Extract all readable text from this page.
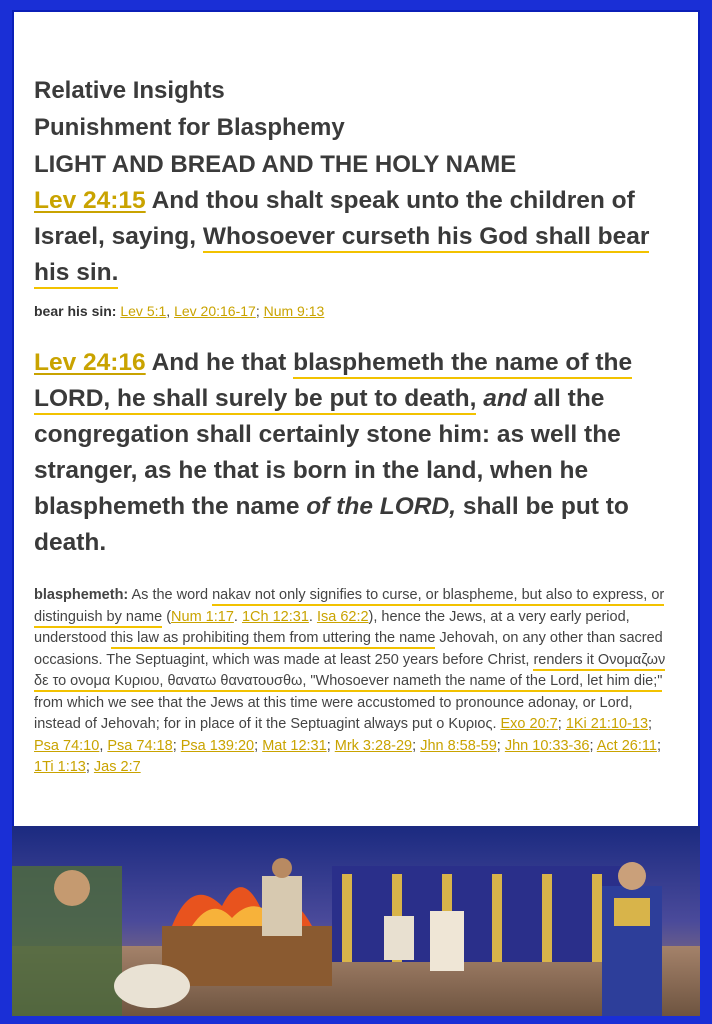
Relative Insights

Punishment for Blasphemy

LIGHT AND BREAD AND THE HOLY NAME

Lev 24:15 And thou shalt speak unto the children of Israel, saying, Whosoever curseth his God shall bear his sin.

bear his sin: Lev 5:1, Lev 20:16-17; Num 9:13

Lev 24:16 And he that blasphemeth the name of the LORD, he shall surely be put to death, and all the congregation shall certainly stone him: as well the stranger, as he that is born in the land, when he blasphemeth the name of the LORD, shall be put to death.

blasphemeth: As the word nakav not only signifies to curse, or blaspheme, but also to express, or distinguish by name (Num 1:17. 1Ch 12:31. Isa 62:2), hence the Jews, at a very early period, understood this law as prohibiting them from uttering the name Jehovah, on any other than sacred occasions. The Septuagint, which was made at least 250 years before Christ, renders it Ονομαζων δε το ονομα Κυριου, θανατω θανατουσθω, "Whosoever nameth the name of the Lord, let him die;" from which we see that the Jews at this time were accustomed to pronounce adonay, or Lord, instead of Jehovah; for in place of it the Septuagint always put ο Κυριος. Exo 20:7; 1Ki 21:10-13; Psa 74:10, Psa 74:18; Psa 139:20; Mat 12:31; Mrk 3:28-29; Jhn 8:58-59; Jhn 10:33-36; Act 26:11; 1Ti 1:13; Jas 2:7
